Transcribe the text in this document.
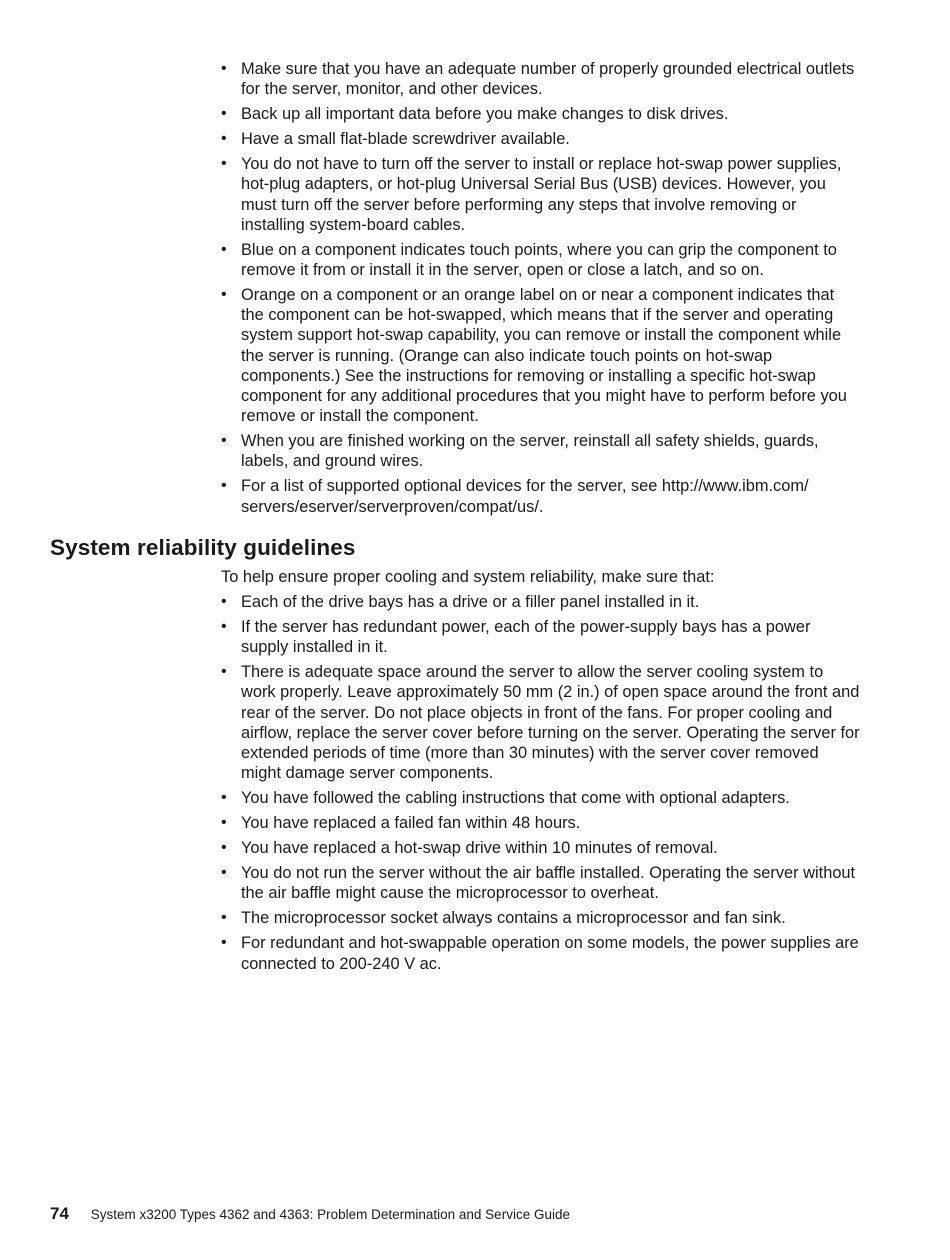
• Make sure that you have an adequate number of properly grounded electrical outlets for the server, monitor, and other devices.
• Back up all important data before you make changes to disk drives.
• Have a small flat-blade screwdriver available.
• You do not have to turn off the server to install or replace hot-swap power supplies, hot-plug adapters, or hot-plug Universal Serial Bus (USB) devices. However, you must turn off the server before performing any steps that involve removing or installing system-board cables.
• Blue on a component indicates touch points, where you can grip the component to remove it from or install it in the server, open or close a latch, and so on.
• Orange on a component or an orange label on or near a component indicates that the component can be hot-swapped, which means that if the server and operating system support hot-swap capability, you can remove or install the component while the server is running. (Orange can also indicate touch points on hot-swap components.) See the instructions for removing or installing a specific hot-swap component for any additional procedures that you might have to perform before you remove or install the component.
• When you are finished working on the server, reinstall all safety shields, guards, labels, and ground wires.
• For a list of supported optional devices for the server, see http://www.ibm.com/ servers/eserver/serverproven/compat/us/.
System reliability guidelines

To help ensure proper cooling and system reliability, make sure that:

• Each of the drive bays has a drive or a filler panel installed in it.
• If the server has redundant power, each of the power-supply bays has a power supply installed in it.
• There is adequate space around the server to allow the server cooling system to work properly. Leave approximately 50 mm (2 in.) of open space around the front and rear of the server. Do not place objects in front of the fans. For proper cooling and airflow, replace the server cover before turning on the server. Operating the server for extended periods of time (more than 30 minutes) with the server cover removed might damage server components.
• You have followed the cabling instructions that come with optional adapters.
• You have replaced a failed fan within 48 hours.
• You have replaced a hot-swap drive within 10 minutes of removal.
• You do not run the server without the air baffle installed. Operating the server without the air baffle might cause the microprocessor to overheat.
• The microprocessor socket always contains a microprocessor and fan sink.
• For redundant and hot-swappable operation on some models, the power supplies are connected to 200-240 V ac.
74 System x3200 Types 4362 and 4363: Problem Determination and Service Guide
